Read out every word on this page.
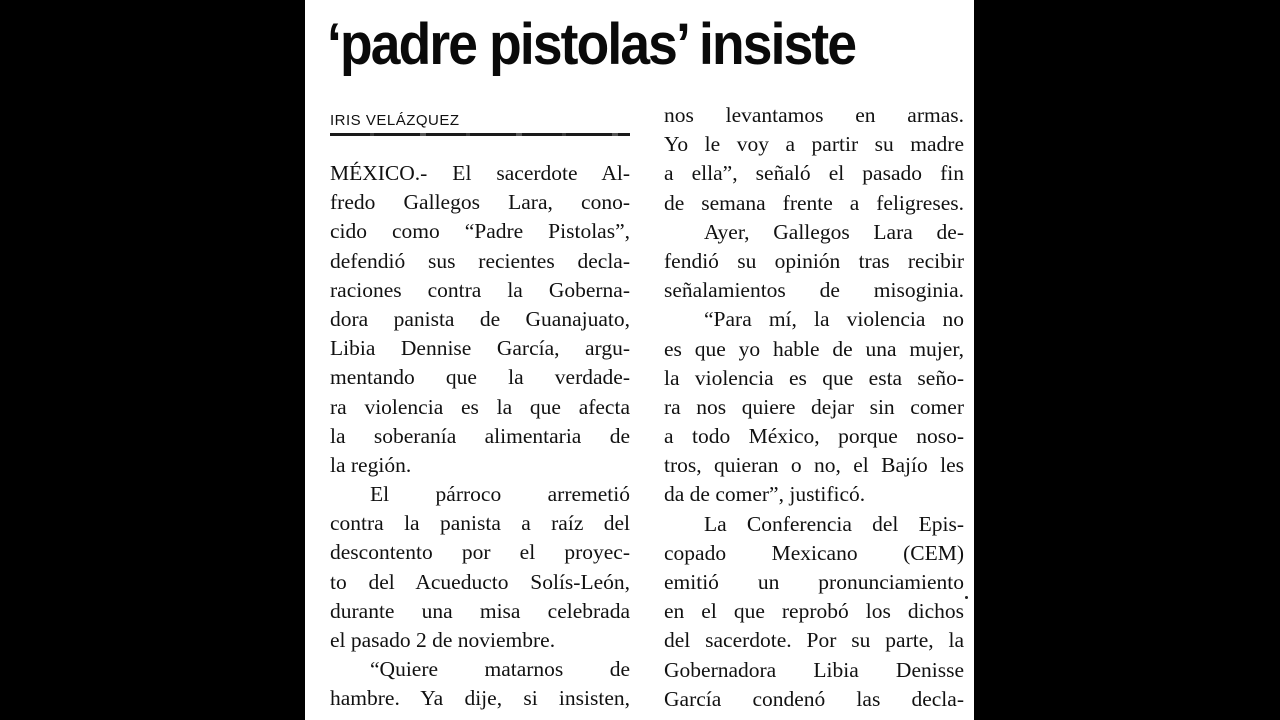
‘padre pistolas’ insiste
IRIS VELÁZQUEZ
MÉXICO.- El sacerdote Al-
fredo Gallegos Lara, cono-
cido como “Padre Pistolas”,
defendió sus recientes decla-
raciones contra la Goberna-
dora panista de Guanajuato,
Libia Dennise García, argu-
mentando que la verdade-
ra violencia es la que afecta
la soberanía alimentaria de
la región.
El párroco arremetió
contra la panista a raíz del
descontento por el proyec-
to del Acueducto Solís-León,
durante una misa celebrada
el pasado 2 de noviembre.
“Quiere matarnos de
hambre. Ya dije, si insisten,
nos levantamos en armas.
Yo le voy a partir su madre
a ella”, señaló el pasado fin
de semana frente a feligreses.
Ayer, Gallegos Lara de-
fendió su opinión tras recibir
señalamientos de misoginia.
“Para mí, la violencia no
es que yo hable de una mujer,
la violencia es que esta seño-
ra nos quiere dejar sin comer
a todo México, porque noso-
tros, quieran o no, el Bajío les
da de comer”, justificó.
La Conferencia del Epis-
copado Mexicano (CEM)
emitió un pronunciamiento
en el que reprobó los dichos
del sacerdote. Por su parte, la
Gobernadora Libia Denisse
García condenó las decla-
